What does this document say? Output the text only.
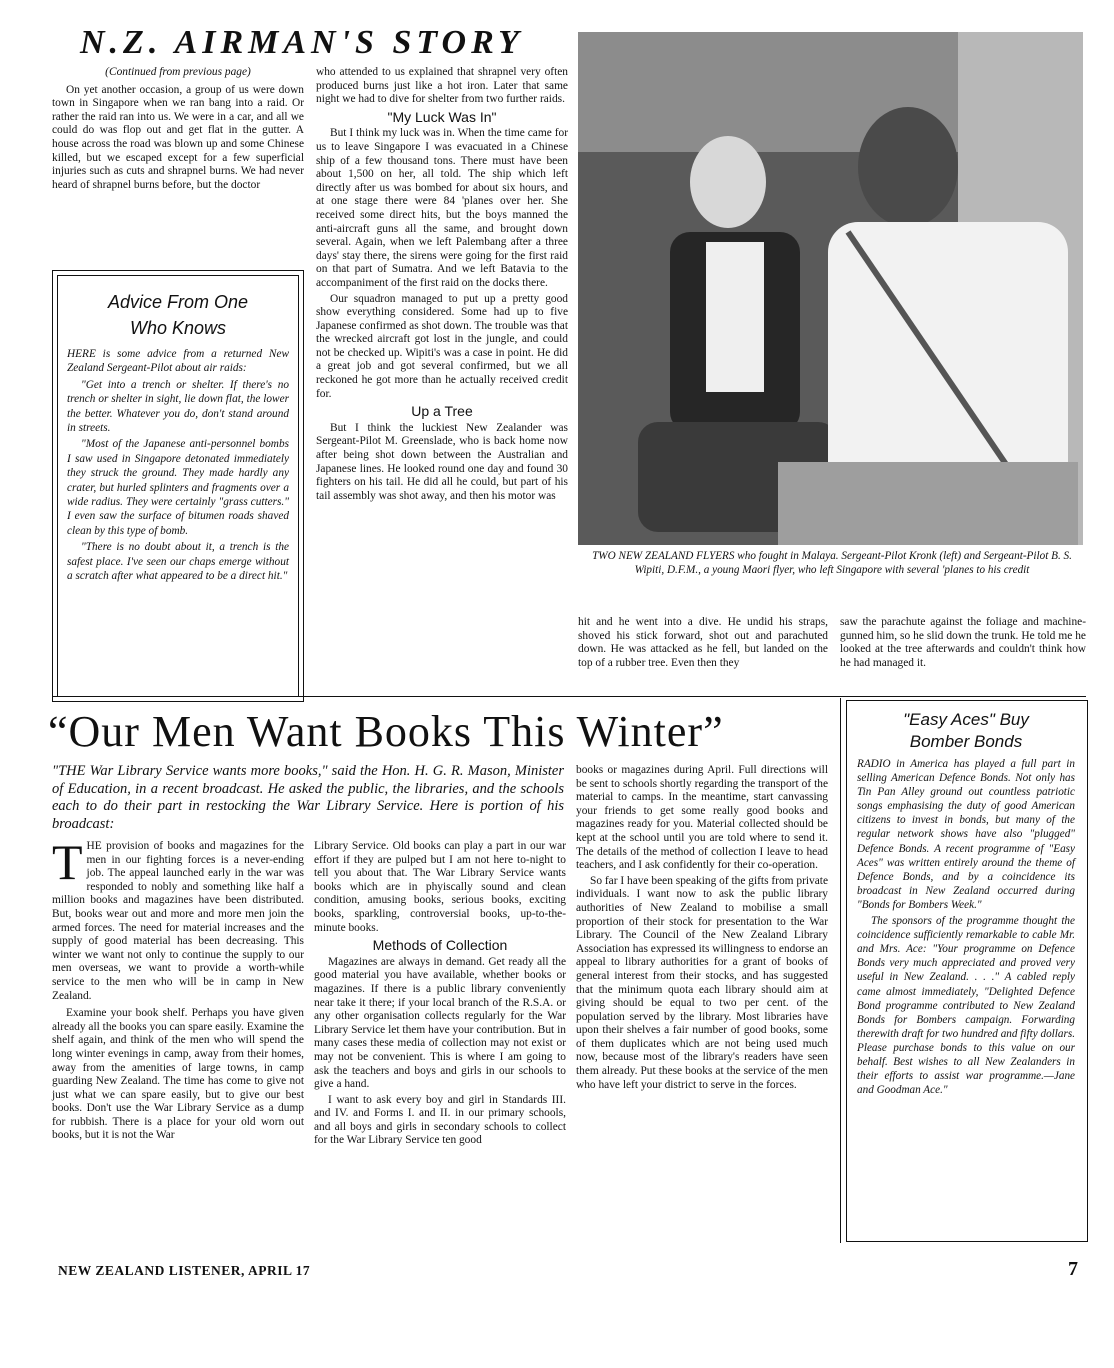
N.Z. AIRMAN'S STORY
(Continued from previous page)

On yet another occasion, a group of us were down town in Singapore when we ran bang into a raid. Or rather the raid ran into us. We were in a car, and all we could do was flop out and get flat in the gutter. A house across the road was blown up and some Chinese killed, but we escaped except for a few superficial injuries such as cuts and shrapnel burns. We had never heard of shrapnel burns before, but the doctor

Advice From One
Who Knows

HERE is some advice from a returned New Zealand Sergeant-Pilot about air raids:

"Get into a trench or shelter. If there's no trench or shelter in sight, lie down flat, the lower the better. Whatever you do, don't stand around in streets.

"Most of the Japanese anti-personnel bombs I saw used in Singapore detonated immediately they struck the ground. They made hardly any crater, but hurled splinters and fragments over a wide radius. They were certainly "grass cutters." I even saw the surface of bitumen roads shaved clean by this type of bomb.

"There is no doubt about it, a trench is the safest place. I've seen our chaps emerge without a scratch after what appeared to be a direct hit."

who attended to us explained that shrapnel very often produced burns just like a hot iron. Later that same night we had to dive for shelter from two further raids.

"My Luck Was In"

But I think my luck was in. When the time came for us to leave Singapore I was evacuated in a Chinese ship of a few thousand tons. There must have been about 1,500 on her, all told. The ship which left directly after us was bombed for about six hours, and at one stage there were 84 'planes over her. She received some direct hits, but the boys manned the anti-aircraft guns all the same, and brought down several. Again, when we left Palembang after a three days' stay there, the sirens were going for the first raid on that part of Sumatra. And we left Batavia to the accompaniment of the first raid on the docks there.

Our squadron managed to put up a pretty good show everything considered. Some had up to five Japanese confirmed as shot down. The trouble was that the wrecked aircraft got lost in the jungle, and could not be checked up. Wipiti's was a case in point. He did a great job and got several confirmed, but we all reckoned he got more than he actually received credit for.

Up a Tree

But I think the luckiest New Zealander was Sergeant-Pilot M. Greenslade, who is back home now after being shot down between the Australian and Japanese lines. He looked round one day and found 30 fighters on his tail. He did all he could, but part of his tail assembly was shot away, and then his motor was

TWO NEW ZEALAND FLYERS who fought in Malaya. Sergeant-Pilot Kronk (left) and Sergeant-Pilot B. S. Wipiti, D.F.M., a young Maori flyer, who left Singapore with several 'planes to his credit

hit and he went into a dive. He undid his straps, shoved his stick forward, shot out and parachuted down. He was attacked as he fell, but landed on the top of a rubber tree. Even then they

saw the parachute against the foliage and machine-gunned him, so he slid down the trunk. He told me he looked at the tree afterwards and couldn't think how he had managed it.

“Our Men Want Books This Winter”
"THE War Library Service wants more books," said the Hon. H. G. R. Mason, Minister of Education, in a recent broadcast. He asked the public, the libraries, and the schools each to do their part in restocking the War Library Service. Here is portion of his broadcast:

THE provision of books and magazines for the men in our fighting forces is a never-ending job. The appeal launched early in the war was responded to nobly and something like half a million books and magazines have been distributed. But, books wear out and more and more men join the armed forces. The need for material increases and the supply of good material has been decreasing. This winter we want not only to continue the supply to our men overseas, we want to provide a worth-while service to the men who will be in camp in New Zealand.

Examine your book shelf. Perhaps you have given already all the books you can spare easily. Examine the shelf again, and think of the men who will spend the long winter evenings in camp, away from their homes, away from the amenities of large towns, in camp guarding New Zealand. The time has come to give not just what we can spare easily, but to give our best books. Don't use the War Library Service as a dump for rubbish. There is a place for your old worn out books, but it is not the War

Library Service. Old books can play a part in our war effort if they are pulped but I am not here to-night to tell you about that. The War Library Service wants books which are in phyiscally sound and clean condition, amusing books, serious books, exciting books, sparkling, controversial books, up-to-the-minute books.

Methods of Collection

Magazines are always in demand. Get ready all the good material you have available, whether books or magazines. If there is a public library conveniently near take it there; if your local branch of the R.S.A. or any other organisation collects regularly for the War Library Service let them have your contribution. But in many cases these media of collection may not exist or may not be convenient. This is where I am going to ask the teachers and boys and girls in our schools to give a hand.

I want to ask every boy and girl in Standards III. and IV. and Forms I. and II. in our primary schools, and all boys and girls in secondary schools to collect for the War Library Service ten good

books or magazines during April. Full directions will be sent to schools shortly regarding the transport of the material to camps. In the meantime, start canvassing your friends to get some really good books and magazines ready for you. Material collected should be kept at the school until you are told where to send it. The details of the method of collection I leave to head teachers, and I ask confidently for their co-operation.

So far I have been speaking of the gifts from private individuals. I want now to ask the public library authorities of New Zealand to mobilise a small proportion of their stock for presentation to the War Library. The Council of the New Zealand Library Association has expressed its willingness to endorse an appeal to library authorities for a grant of books of general interest from their stocks, and has suggested that the minimum quota each library should aim at giving should be equal to two per cent. of the population served by the library. Most libraries have upon their shelves a fair number of good books, some of them duplicates which are not being used much now, because most of the library's readers have seen them already. Put these books at the service of the men who have left your district to serve in the forces.

"Easy Aces" Buy
Bomber Bonds

RADIO in America has played a full part in selling American Defence Bonds. Not only has Tin Pan Alley ground out countless patriotic songs emphasising the duty of good American citizens to invest in bonds, but many of the regular network shows have also "plugged" Defence Bonds. A recent programme of "Easy Aces" was written entirely around the theme of Defence Bonds, and by a coincidence its broadcast in New Zealand occurred during "Bonds for Bombers Week."

The sponsors of the programme thought the coincidence sufficiently remarkable to cable Mr. and Mrs. Ace: "Your programme on Defence Bonds very much appreciated and proved very useful in New Zealand. . . ." A cabled reply came almost immediately, "Delighted Defence Bond programme contributed to New Zealand Bonds for Bombers campaign. Forwarding therewith draft for two hundred and fifty dollars. Please purchase bonds to this value on our behalf. Best wishes to all New Zealanders in their efforts to assist war programme.—Jane and Goodman Ace."

NEW ZEALAND LISTENER, APRIL 17	7
